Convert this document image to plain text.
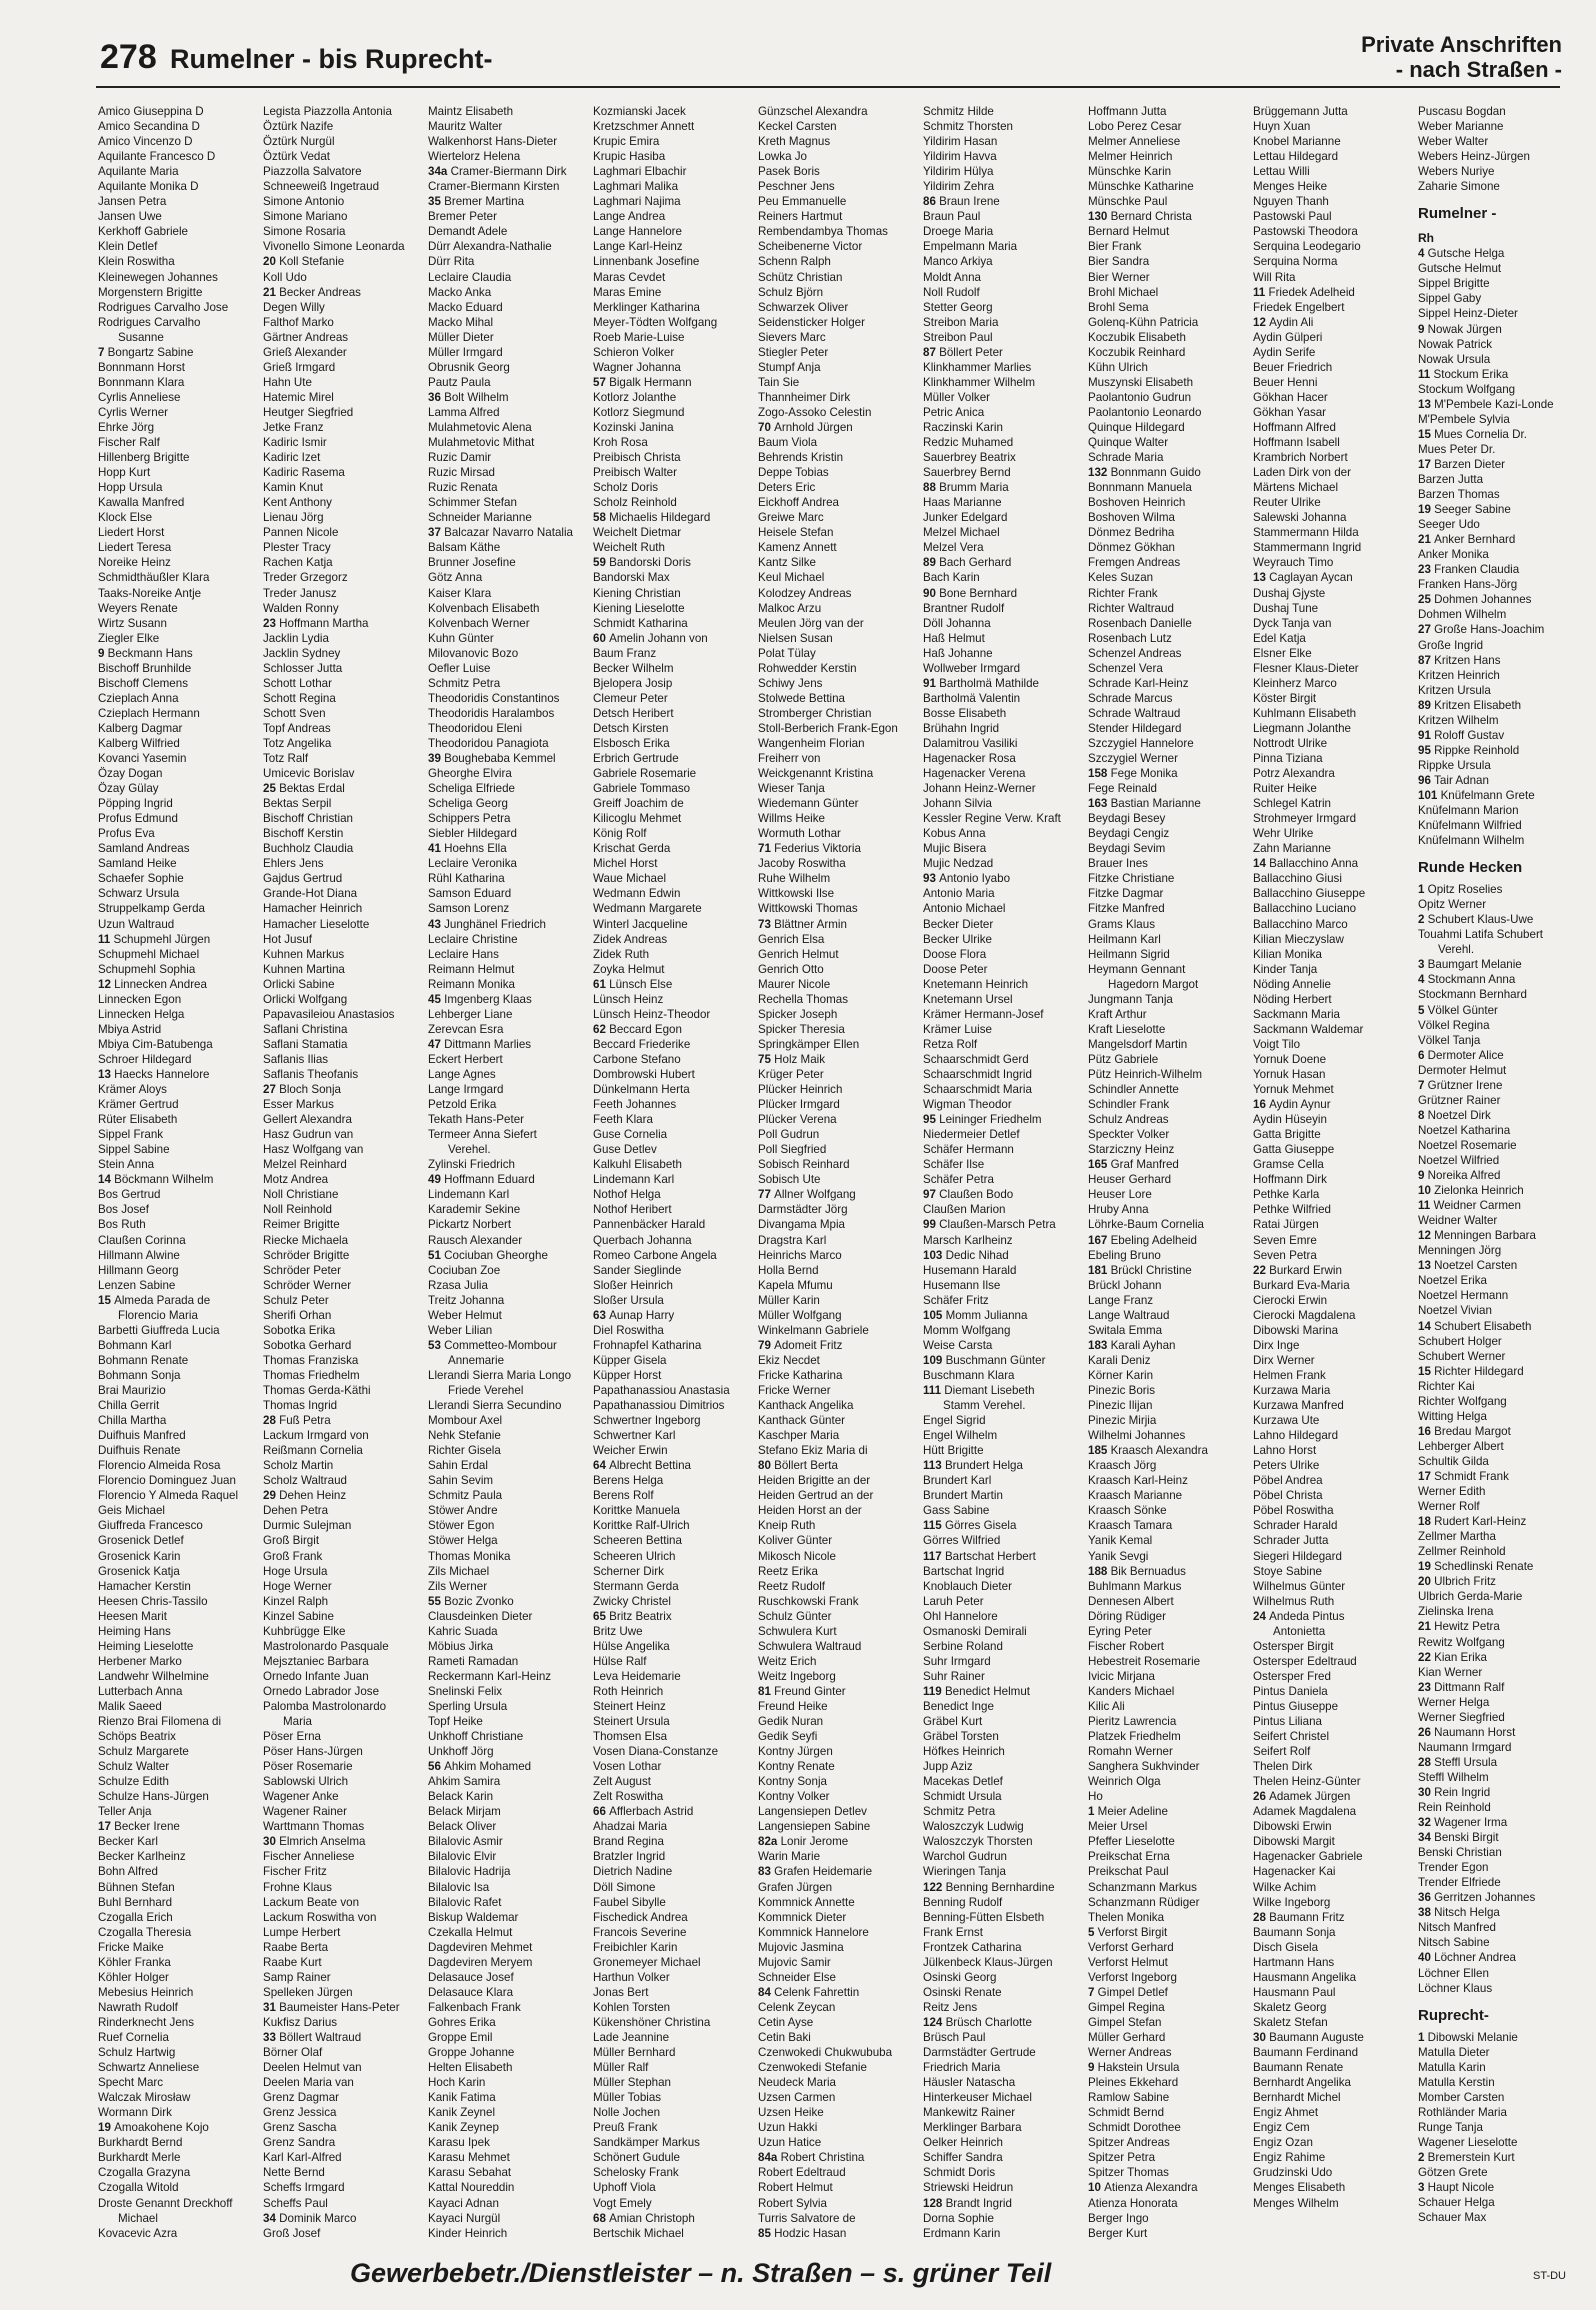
278 Rumelner - bis Ruprecht-	Private Anschriften
- nach Straßen -
Amico Giuseppina D
Amico Secandina D
Amico Vincenzo D
Aquilante Francesco D
Aquilante Maria
Aquilante Monika D
Jansen Petra
Jansen Uwe
Kerkhoff Gabriele
Klein Detlef
Klein Roswitha
Kleinewegen Johannes
Morgenstern Brigitte
Rodrigues Carvalho Jose
Rodrigues Carvalho
Susanne
7 Bongartz Sabine
Bonnmann Horst
Bonnmann Klara
Cyrlis Anneliese
Cyrlis Werner
Ehrke Jörg
Fischer Ralf
Hillenberg Brigitte
Hopp Kurt
Hopp Ursula
Kawalla Manfred
Klock Else
Liedert Horst
Liedert Teresa
Noreike Heinz
Schmidthäußler Klara
Taaks-Noreike Antje
Weyers Renate
Wirtz Susann
Ziegler Elke
9 Beckmann Hans
Bischoff Brunhilde
Bischoff Clemens
Czieplach Anna
Czieplach Hermann
Kalberg Dagmar
Kalberg Wilfried
Kovanci Yasemin
Özay Dogan
Özay Gülay
Pöpping Ingrid
Profus Edmund
Profus Eva
Samland Andreas
Samland Heike
Schaefer Sophie
Schwarz Ursula
Struppelkamp Gerda
Uzun Waltraud
11 Schupmehl Jürgen
Schupmehl Michael
Schupmehl Sophia
12 Linnecken Andrea
Linnecken Egon
Linnecken Helga
Mbiya Astrid
Mbiya Cim-Batubenga
Schroer Hildegard
13 Haecks Hannelore
Krämer Aloys
Krämer Gertrud
Rüter Elisabeth
Sippel Frank
Sippel Sabine
Stein Anna
14 Böckmann Wilhelm
Bos Gertrud
Bos Josef
Bos Ruth
Claußen Corinna
Hillmann Alwine
Hillmann Georg
Lenzen Sabine
15 Almeda Parada de
Florencio Maria
Barbetti Giuffreda Lucia
Bohmann Karl
Bohmann Renate
Bohmann Sonja
Brai Maurizio
Chilla Gerrit
Chilla Martha
Duifhuis Manfred
Duifhuis Renate
Florencio Almeida Rosa
Florencio Dominguez Juan
Florencio Y Almeda Raquel
Geis Michael
Giuffreda Francesco
Grosenick Detlef
Grosenick Karin
Grosenick Katja
Hamacher Kerstin
Heesen Chris-Tassilo
Heesen Marit
Heiming Hans
Heiming Lieselotte
Herbener Marko
Landwehr Wilhelmine
Lutterbach Anna
Malik Saeed
Rienzo Brai Filomena di
Schöps Beatrix
Schulz Margarete
Schulz Walter
Schulze Edith
Schulze Hans-Jürgen
Teller Anja
17 Becker Irene
Becker Karl
Becker Karlheinz
Bohn Alfred
Bühnen Stefan
Buhl Bernhard
Czogalla Erich
Czogalla Theresia
Fricke Maike
Köhler Franka
Köhler Holger
Mebesius Heinrich
Nawrath Rudolf
Rinderknecht Jens
Ruef Cornelia
Schulz Hartwig
Schwartz Anneliese
Specht Marc
Walczak Mirosław
Wormann Dirk
19 Amoakohene Kojo
Burkhardt Bernd
Burkhardt Merle
Czogalla Grazyna
Czogalla Witold
Droste Genannt Dreckhoff
Michael
Kovacevic Azra
Legista Piazzolla Antonia
Öztürk Nazife
Öztürk Nurgül
Öztürk Vedat
Piazzolla Salvatore
Schneeweiß Ingetraud
Simone Antonio
Simone Mariano
Simone Rosaria
Vivonello Simone Leonarda
20 Koll Stefanie
Koll Udo
21 Becker Andreas
Degen Willy
Falthof Marko
Gärtner Andreas
Grieß Alexander
Grieß Irmgard
Hahn Ute
Hatemic Mirel
Heutger Siegfried
Jetke Franz
Kadiric Ismir
Kadiric Izet
Kadiric Rasema
Kamin Knut
Kent Anthony
Lienau Jörg
Pannen Nicole
Plester Tracy
Rachen Katja
Treder Grzegorz
Treder Janusz
Walden Ronny
23 Hoffmann Martha
Jacklin Lydia
Jacklin Sydney
Schlosser Jutta
Schott Lothar
Schott Regina
Schott Sven
Topf Andreas
Totz Angelika
Totz Ralf
Umicevic Borislav
25 Bektas Erdal
Bektas Serpil
Bischoff Christian
Bischoff Kerstin
Buchholz Claudia
Ehlers Jens
Gajdus Gertrud
Grande-Hot Diana
Hamacher Heinrich
Hamacher Lieselotte
Hot Jusuf
Kuhnen Markus
Kuhnen Martina
Orlicki Sabine
Orlicki Wolfgang
Papavasileiou Anastasios
Saflani Christina
Saflani Stamatia
Saflanis Ilias
Saflanis Theofanis
27 Bloch Sonja
Esser Markus
Gellert Alexandra
Hasz Gudrun van
Hasz Wolfgang van
Melzel Reinhard
Motz Andrea
Noll Christiane
Noll Reinhold
Reimer Brigitte
Riecke Michaela
Schröder Brigitte
Schröder Peter
Schröder Werner
Schulz Peter
Sherifi Orhan
Sobotka Erika
Sobotka Gerhard
Thomas Franziska
Thomas Friedhelm
Thomas Gerda-Käthi
Thomas Ingrid
28 Fuß Petra
Lackum Irmgard von
Reißmann Cornelia
Scholz Martin
Scholz Waltraud
29 Dehen Heinz
Dehen Petra
Durmic Sulejman
Groß Birgit
Groß Frank
Hoge Ursula
Hoge Werner
Kinzel Ralph
Kinzel Sabine
Kuhbrügge Elke
Mastrolonardo Pasquale
Mejsztaniec Barbara
Ornedo Infante Juan
Ornedo Labrador Jose
Palomba Mastrolonardo
Maria
Pöser Erna
Pöser Hans-Jürgen
Pöser Rosemarie
Sablowski Ulrich
Wagener Anke
Wagener Rainer
Warttmann Thomas
30 Elmrich Anselma
Fischer Anneliese
Fischer Fritz
Frohne Klaus
Lackum Beate von
Lackum Roswitha von
Lumpe Herbert
Raabe Berta
Raabe Kurt
Samp Rainer
Spelleken Jürgen
31 Baumeister Hans-Peter
Kukfisz Darius
33 Böllert Waltraud
Börner Olaf
Deelen Helmut van
Deelen Maria van
Grenz Dagmar
Grenz Jessica
Grenz Sascha
Grenz Sandra
Karl Karl-Alfred
Nette Bernd
Scheffs Irmgard
Scheffs Paul
34 Dominik Marco
Groß Josef
Maintz Elisabeth
Mauritz Walter
Walkenhorst Hans-Dieter
Wiertelorz Helena
34a Cramer-Biermann Dirk
Cramer-Biermann Kirsten
35 Bremer Martina
Bremer Peter
Demandt Adele
Dürr Alexandra-Nathalie
Dürr Rita
Leclaire Claudia
Macko Anka
Macko Eduard
Macko Mihal
Müller Dieter
Müller Irmgard
Obrusnik Georg
Pautz Paula
36 Bolt Wilhelm
Lamma Alfred
Mulahmetovic Alena
Mulahmetovic Mithat
Ruzic Damir
Ruzic Mirsad
Ruzic Renata
Schimmer Stefan
Schneider Marianne
37 Balcazar Navarro Natalia
Balsam Käthe
Brunner Josefine
Götz Anna
Kaiser Klara
Kolvenbach Elisabeth
Kolvenbach Werner
Kuhn Günter
Milovanovic Bozo
Oefler Luise
Schmitz Petra
Theodoridis Constantinos
Theodoridis Haralambos
Theodoridou Eleni
Theodoridou Panagiota
39 Boughebaba Kemmel
Gheorghe Elvira
Scheliga Elfriede
Scheliga Georg
Schippers Petra
Siebler Hildegard
41 Hoehns Ella
Leclaire Veronika
Rühl Katharina
Samson Eduard
Samson Lorenz
43 Junghänel Friedrich
Leclaire Christine
Leclaire Hans
Reimann Helmut
Reimann Monika
45 Imgenberg Klaas
Lehberger Liane
Zerevcan Esra
47 Dittmann Marlies
Eckert Herbert
Lange Agnes
Lange Irmgard
Petzold Erika
Tekath Hans-Peter
Termeer Anna Siefert
Verehel.
Zylinski Friedrich
49 Hoffmann Eduard
Lindemann Karl
Karademir Sekine
Pickartz Norbert
Rausch Alexander
51 Cociuban Gheorghe
Cociuban Zoe
Rzasa Julia
Treitz Johanna
Weber Helmut
Weber Lilian
53 Commetteo-Mombour
Annemarie
Llerandi Sierra Maria Longo
Friede Verehel
Llerandi Sierra Secundino
Mombour Axel
Nehk Stefanie
Richter Gisela
Sahin Erdal
Sahin Sevim
Schmitz Paula
Stöwer Andre
Stöwer Egon
Stöwer Helga
Thomas Monika
Zils Michael
Zils Werner
55 Bozic Zvonko
Clausdeinken Dieter
Kahric Suada
Möbius Jirka
Rameti Ramadan
Reckermann Karl-Heinz
Snelinski Felix
Sperling Ursula
Topf Heike
Unkhoff Christiane
Unkhoff Jörg
56 Ahkim Mohamed
Ahkim Samira
Belack Karin
Belack Mirjam
Belack Oliver
Bilalovic Asmir
Bilalovic Elvir
Bilalovic Hadrija
Bilalovic Isa
Bilalovic Rafet
Biskup Waldemar
Czekalla Helmut
Dagdeviren Mehmet
Dagdeviren Meryem
Delasauce Josef
Delasauce Klara
Falkenbach Frank
Gohres Erika
Groppe Emil
Groppe Johanne
Helten Elisabeth
Hoch Karin
Kanik Fatima
Kanik Zeynel
Kanik Zeynep
Karasu Ipek
Karasu Mehmet
Karasu Sebahat
Kattal Noureddin
Kayaci Adnan
Kayaci Nurgül
Kinder Heinrich
Kozmianski Jacek
Kretzschmer Annett
Krupic Emira
Krupic Hasiba
Laghmari Elbachir
Laghmari Malika
Laghmari Najima
Lange Andrea
Lange Hannelore
Lange Karl-Heinz
Linnenbank Josefine
Maras Cevdet
Maras Emine
Merklinger Katharina
Meyer-Tödten Wolfgang
Roeb Marie-Luise
Schieron Volker
Wagner Johanna
57 Bigalk Hermann
Kotlorz Jolanthe
Kotlorz Siegmund
Kozinski Janina
Kroh Rosa
Preibisch Christa
Preibisch Walter
Scholz Doris
Scholz Reinhold
58 Michaelis Hildegard
Weichelt Dietmar
Weichelt Ruth
59 Bandorski Doris
Bandorski Max
Kiening Christian
Kiening Lieselotte
Schmidt Katharina
60 Amelin Johann von
Baum Franz
Becker Wilhelm
Bjelopera Josip
Clemeur Peter
Detsch Heribert
Detsch Kirsten
Elsbosch Erika
Erbrich Gertrude
Gabriele Rosemarie
Gabriele Tommaso
Greiff Joachim de
Kilicoglu Mehmet
König Rolf
Krischat Gerda
Michel Horst
Waue Michael
Wedmann Edwin
Wedmann Margarete
Winterl Jacqueline
Zidek Andreas
Zidek Ruth
Zoyka Helmut
61 Lünsch Else
Lünsch Heinz
Lünsch Heinz-Theodor
62 Beccard Egon
Beccard Friederike
Carbone Stefano
Dombrowski Hubert
Dünkelmann Herta
Feeth Johannes
Feeth Klara
Guse Cornelia
Guse Detlev
Kalkuhl Elisabeth
Lindemann Karl
Nothof Helga
Nothof Heribert
Pannenbäcker Harald
Querbach Johanna
Romeo Carbone Angela
Sander Sieglinde
Sloßer Heinrich
Sloßer Ursula
63 Aunap Harry
Diel Roswitha
Frohnapfel Katharina
Küpper Gisela
Küpper Horst
Papathanassiou Anastasia
Papathanassiou Dimitrios
Schwertner Ingeborg
Schwertner Karl
Weicher Erwin
64 Albrecht Bettina
Berens Helga
Berens Rolf
Korittke Manuela
Korittke Ralf-Ulrich
Scheeren Bettina
Scheeren Ulrich
Scherner Dirk
Stermann Gerda
Zwicky Christel
65 Britz Beatrix
Britz Uwe
Hülse Angelika
Hülse Ralf
Leva Heidemarie
Roth Heinrich
Steinert Heinz
Steinert Ursula
Thomsen Elsa
Vosen Diana-Constanze
Vosen Lothar
Zelt August
Zelt Roswitha
66 Afflerbach Astrid
Ahadzai Maria
Brand Regina
Bratzler Ingrid
Dietrich Nadine
Döll Simone
Faubel Sibylle
Fischedick Andrea
Francois Severine
Freibichler Karin
Gronemeyer Michael
Harthun Volker
Jonas Bert
Kohlen Torsten
Kükenshöner Christina
Lade Jeannine
Müller Bernhard
Müller Ralf
Müller Stephan
Müller Tobias
Nolle Jochen
Preuß Frank
Sandkämper Markus
Schönert Gudule
Schelosky Frank
Uphoff Viola
Vogt Emely
68 Amian Christoph
Bertschik Michael
Günzschel Alexandra
Keckel Carsten
Kreth Magnus
Lowka Jo
Pasek Boris
Peschner Jens
Peu Emmanuelle
Reiners Hartmut
Rembendambya Thomas
Scheibenerne Victor
Schenn Ralph
Schütz Christian
Schulz Björn
Schwarzek Oliver
Seidensticker Holger
Sievers Marc
Stiegler Peter
Stumpf Anja
Tain Sie
Thannheimer Dirk
Zogo-Assoko Celestin
70 Arnhold Jürgen
Baum Viola
Behrends Kristin
Deppe Tobias
Deters Eric
Eickhoff Andrea
Greiwe Marc
Heisele Stefan
Kamenz Annett
Kantz Silke
Keul Michael
Kolodzey Andreas
Malkoc Arzu
Meulen Jörg van der
Nielsen Susan
Polat Tülay
Rohwedder Kerstin
Schiwy Jens
Stolwede Bettina
Stromberger Christian
Stoll-Berberich Frank-Egon
Wangenheim Florian
Freiherr von
Weickgenannt Kristina
Wieser Tanja
Wiedemann Günter
Willms Heike
Wormuth Lothar
71 Federius Viktoria
Jacoby Roswitha
Ruhe Wilhelm
Wittkowski Ilse
Wittkowski Thomas
73 Blättner Armin
Genrich Elsa
Genrich Helmut
Genrich Otto
Maurer Nicole
Rechella Thomas
Spicker Joseph
Spicker Theresia
Springkämper Ellen
75 Holz Maik
Krüger Peter
Plücker Heinrich
Plücker Irmgard
Plücker Verena
Poll Gudrun
Poll Siegfried
Sobisch Reinhard
Sobisch Ute
77 Allner Wolfgang
Darmstädter Jörg
Divangama Mpia
Dragstra Karl
Heinrichs Marco
Holla Bernd
Kapela Mfumu
Müller Karin
Müller Wolfgang
Winkelmann Gabriele
79 Adomeit Fritz
Ekiz Necdet
Fricke Katharina
Fricke Werner
Kanthack Angelika
Kanthack Günter
Kaschper Maria
Stefano Ekiz Maria di
80 Böllert Berta
Heiden Brigitte an der
Heiden Gertrud an der
Heiden Horst an der
Kneip Ruth
Koliver Günter
Mikosch Nicole
Reetz Erika
Reetz Rudolf
Ruschkowski Frank
Schulz Günter
Schwulera Kurt
Schwulera Waltraud
Weitz Erich
Weitz Ingeborg
81 Freund Ginter
Freund Heike
Gedik Nuran
Gedik Seyfi
Kontny Jürgen
Kontny Renate
Kontny Sonja
Kontny Volker
Langensiepen Detlev
Langensiepen Sabine
82a Lonir Jerome
Warin Marie
83 Grafen Heidemarie
Grafen Jürgen
Kommnick Annette
Kommnick Dieter
Kommnick Hannelore
Mujovic Jasmina
Mujovic Samir
Schneider Else
84 Celenk Fahrettin
Celenk Zeycan
Cetin Ayse
Cetin Baki
Czenwokedi Chukwububa
Czenwokedi Stefanie
Neudeck Maria
Uzsen Carmen
Uzsen Heike
Uzun Hakki
Uzun Hatice
84a Robert Christina
Robert Edeltraud
Robert Helmut
Robert Sylvia
Turris Salvatore de
85 Hodzic Hasan
Schmitz Hilde
Schmitz Thorsten
Yildirim Hasan
Yildirim Havva
Yildirim Hülya
Yildirim Zehra
86 Braun Irene
Braun Paul
Droege Maria
Empelmann Maria
Manco Arkiya
Moldt Anna
Noll Rudolf
Stetter Georg
Streibon Maria
Streibon Paul
87 Böllert Peter
Klinkhammer Marlies
Klinkhammer Wilhelm
Müller Volker
Petric Anica
Raczinski Karin
Redzic Muhamed
Sauerbrey Beatrix
Sauerbrey Bernd
88 Brumm Maria
Haas Marianne
Junker Edelgard
Melzel Michael
Melzel Vera
89 Bach Gerhard
Bach Karin
90 Bone Bernhard
Brantner Rudolf
Döll Johanna
Haß Helmut
Haß Johanne
Wollweber Irmgard
91 Bartholmä Mathilde
Bartholmä Valentin
Bosse Elisabeth
Brühahn Ingrid
Dalamitrou Vasiliki
Hagenacker Rosa
Hagenacker Verena
Johann Heinz-Werner
Johann Silvia
Kessler Regine Verw. Kraft
Kobus Anna
Mujic Bisera
Mujic Nedzad
93 Antonio Iyabo
Antonio Maria
Antonio Michael
Becker Dieter
Becker Ulrike
Doose Flora
Doose Peter
Knetemann Heinrich
Knetemann Ursel
Krämer Hermann-Josef
Krämer Luise
Retza Rolf
Schaarschmidt Gerd
Schaarschmidt Ingrid
Schaarschmidt Maria
Wigman Theodor
95 Leininger Friedhelm
Niedermeier Detlef
Schäfer Hermann
Schäfer Ilse
Schäfer Petra
97 Claußen Bodo
Claußen Marion
99 Claußen-Marsch Petra
Marsch Karlheinz
103 Dedic Nihad
Husemann Harald
Husemann Ilse
Schäfer Fritz
105 Momm Julianna
Momm Wolfgang
Weise Carsta
109 Buschmann Günter
Buschmann Klara
111 Diemant Lisebeth
Stamm Verehel.
Engel Sigrid
Engel Wilhelm
Hütt Brigitte
113 Brundert Helga
Brundert Karl
Brundert Martin
Gass Sabine
115 Görres Gisela
Görres Wilfried
117 Bartschat Herbert
Bartschat Ingrid
Knoblauch Dieter
Laruh Peter
Ohl Hannelore
Osmanoski Demirali
Serbine Roland
Suhr Irmgard
Suhr Rainer
119 Benedict Helmut
Benedict Inge
Gräbel Kurt
Gräbel Torsten
Höfkes Heinrich
Jupp Aziz
Macekas Detlef
Schmidt Ursula
Schmitz Petra
Waloszczyk Ludwig
Waloszczyk Thorsten
Warchol Gudrun
Wieringen Tanja
122 Benning Bernhardine
Benning Rudolf
Benning-Fütten Elsbeth
Frank Ernst
Frontzek Catharina
Jülkenbeck Klaus-Jürgen
Osinski Georg
Osinski Renate
Reitz Jens
124 Brüsch Charlotte
Brüsch Paul
Darmstädter Gertrude
Friedrich Maria
Häusler Natascha
Hinterkeuser Michael
Mankewitz Rainer
Merklinger Barbara
Oelker Heinrich
Schiffer Sandra
Schmidt Doris
Striewski Heidrun
128 Brandt Ingrid
Dorna Sophie
Erdmann Karin
Hoffmann Jutta
Lobo Perez Cesar
Melmer Anneliese
Melmer Heinrich
Münschke Karin
Münschke Katharine
Münschke Paul
130 Bernard Christa
Bernard Helmut
Bier Frank
Bier Sandra
Bier Werner
Brohl Michael
Brohl Sema
Golenq-Kühn Patricia
Koczubik Elisabeth
Koczubik Reinhard
Kühn Ulrich
Muszynski Elisabeth
Paolantonio Gudrun
Paolantonio Leonardo
Quinque Hildegard
Quinque Walter
Schrade Maria
132 Bonnmann Guido
Bonnmann Manuela
Boshoven Heinrich
Boshoven Wilma
Dönmez Bedriha
Dönmez Gökhan
Fremgen Andreas
Keles Suzan
Richter Frank
Richter Waltraud
Rosenbach Danielle
Rosenbach Lutz
Schenzel Andreas
Schenzel Vera
Schrade Karl-Heinz
Schrade Marcus
Schrade Waltraud
Stender Hildegard
Szczygiel Hannelore
Szczygiel Werner
158 Fege Monika
Fege Reinald
163 Bastian Marianne
Beydagi Besey
Beydagi Cengiz
Beydagi Sevim
Brauer Ines
Fitzke Christiane
Fitzke Dagmar
Fitzke Manfred
Grams Klaus
Heilmann Karl
Heilmann Sigrid
Heymann Gennant
Hagedorn Margot
Jungmann Tanja
Kraft Arthur
Kraft Lieselotte
Mangelsdorf Martin
Pütz Gabriele
Pütz Heinrich-Wilhelm
Schindler Annette
Schindler Frank
Schulz Andreas
Speckter Volker
Starziczny Heinz
165 Graf Manfred
Heuser Gerhard
Heuser Lore
Hruby Anna
Löhrke-Baum Cornelia
167 Ebeling Adelheid
Ebeling Bruno
181 Brückl Christine
Brückl Johann
Lange Franz
Lange Waltraud
Switala Emma
183 Karali Ayhan
Karali Deniz
Körner Karin
Pinezic Boris
Pinezic Ilijan
Pinezic Mirjia
Wilhelmi Johannes
185 Kraasch Alexandra
Kraasch Jörg
Kraasch Karl-Heinz
Kraasch Marianne
Kraasch Sönke
Kraasch Tamara
Yanik Kemal
Yanik Sevgi
188 Bik Bernuadus
Buhlmann Markus
Dennesen Albert
Döring Rüdiger
Eyring Peter
Fischer Robert
Hebestreit Rosemarie
Ivicic Mirjana
Kanders Michael
Kilic Ali
Pieritz Lawrencia
Platzek Friedhelm
Romahn Werner
Sanghera Sukhvinder
Weinrich Olga
Ho
1 Meier Adeline
Meier Ursel
Pfeffer Lieselotte
Preikschat Erna
Preikschat Paul
Schanzmann Markus
Schanzmann Rüdiger
Thelen Monika
5 Verforst Birgit
Verforst Gerhard
Verforst Helmut
Verforst Ingeborg
7 Gimpel Detlef
Gimpel Regina
Gimpel Stefan
Müller Gerhard
Werner Andreas
9 Hakstein Ursula
Pleines Ekkehard
Ramlow Sabine
Schmidt Bernd
Schmidt Dorothee
Spitzer Andreas
Spitzer Petra
Spitzer Thomas
10 Atienza Alexandra
Atienza Honorata
Berger Ingo
Berger Kurt
Brüggemann Jutta
Huyn Xuan
Knobel Marianne
Lettau Hildegard
Lettau Willi
Menges Heike
Nguyen Thanh
Pastowski Paul
Pastowski Theodora
Serquina Leodegario
Serquina Norma
Will Rita
11 Friedek Adelheid
Friedek Engelbert
12 Aydin Ali
Aydin Gülperi
Aydin Serife
Beuer Friedrich
Beuer Henni
Gökhan Hacer
Gökhan Yasar
Hoffmann Alfred
Hoffmann Isabell
Krambrich Norbert
Laden Dirk von der
Märtens Michael
Reuter Ulrike
Salewski Johanna
Stammermann Hilda
Stammermann Ingrid
Weyrauch Timo
13 Caglayan Aycan
Dushaj Gjyste
Dushaj Tune
Dyck Tanja van
Edel Katja
Elsner Elke
Flesner Klaus-Dieter
Kleinherz Marco
Köster Birgit
Kuhlmann Elisabeth
Liegmann Jolanthe
Nottrodt Ulrike
Pinna Tiziana
Potrz Alexandra
Ruiter Heike
Schlegel Katrin
Strohmeyer Irmgard
Wehr Ulrike
Zahn Marianne
14 Ballacchino Anna
Ballacchino Giusi
Ballacchino Giuseppe
Ballacchino Luciano
Ballacchino Marco
Kilian Mieczyslaw
Kilian Monika
Kinder Tanja
Nöding Annelie
Nöding Herbert
Sackmann Maria
Sackmann Waldemar
Voigt Tilo
Yornuk Doene
Yornuk Hasan
Yornuk Mehmet
16 Aydin Aynur
Aydin Hüseyin
Gatta Brigitte
Gatta Giuseppe
Gramse Cella
Hoffmann Dirk
Pethke Karla
Pethke Wilfried
Ratai Jürgen
Seven Emre
Seven Petra
22 Burkard Erwin
Burkard Eva-Maria
Cierocki Erwin
Cierocki Magdalena
Dibowski Marina
Dirx Inge
Dirx Werner
Helmen Frank
Kurzawa Maria
Kurzawa Manfred
Kurzawa Ute
Lahno Hildegard
Lahno Horst
Peters Ulrike
Pöbel Andrea
Pöbel Christa
Pöbel Roswitha
Schrader Harald
Schrader Jutta
Siegeri Hildegard
Stoye Sabine
Wilhelmus Günter
Wilhelmus Ruth
24 Andeda Pintus
Antonietta
Ostersper Birgit
Ostersper Edeltraud
Ostersper Fred
Pintus Daniela
Pintus Giuseppe
Pintus Liliana
Seifert Christel
Seifert Rolf
Thelen Dirk
Thelen Heinz-Günter
26 Adamek Jürgen
Adamek Magdalena
Dibowski Erwin
Dibowski Margit
Hagenacker Gabriele
Hagenacker Kai
Wilke Achim
Wilke Ingeborg
28 Baumann Fritz
Baumann Sonja
Disch Gisela
Hartmann Hans
Hausmann Angelika
Hausmann Paul
Skaletz Georg
Skaletz Stefan
30 Baumann Auguste
Baumann Ferdinand
Baumann Renate
Bernhardt Angelika
Bernhardt Michel
Engiz Ahmet
Engiz Cem
Engiz Ozan
Engiz Rahime
Grudzinski Udo
Menges Elisabeth
Menges Wilhelm
Puscasu Bogdan
Weber Marianne
Weber Walter
Webers Heinz-Jürgen
Webers Nuriye
Zaharie Simone
Rumelner -
Rh
4 Gutsche Helga
Gutsche Helmut
Sippel Brigitte
Sippel Gaby
Sippel Heinz-Dieter
9 Nowak Jürgen
Nowak Patrick
Nowak Ursula
11 Stockum Erika
Stockum Wolfgang
13 M'Pembele Kazi-Londe
M'Pembele Sylvia
15 Mues Cornelia Dr.
Mues Peter Dr.
17 Barzen Dieter
Barzen Jutta
Barzen Thomas
19 Seeger Sabine
Seeger Udo
21 Anker Bernhard
Anker Monika
23 Franken Claudia
Franken Hans-Jörg
25 Dohmen Johannes
Dohmen Wilhelm
27 Große Hans-Joachim
Große Ingrid
87 Kritzen Hans
Kritzen Heinrich
Kritzen Ursula
89 Kritzen Elisabeth
Kritzen Wilhelm
91 Roloff Gustav
95 Rippke Reinhold
Rippke Ursula
96 Tair Adnan
101 Knüfelmann Grete
Knüfelmann Marion
Knüfelmann Wilfried
Knüfelmann Wilhelm
Runde Hecken
1 Opitz Roselies
Opitz Werner
2 Schubert Klaus-Uwe
Touahmi Latifa Schubert
Verehl.
3 Baumgart Melanie
4 Stockmann Anna
Stockmann Bernhard
5 Völkel Günter
Völkel Regina
Völkel Tanja
6 Dermoter Alice
Dermoter Helmut
7 Grützner Irene
Grützner Rainer
8 Noetzel Dirk
Noetzel Katharina
Noetzel Rosemarie
Noetzel Wilfried
9 Noreika Alfred
10 Zielonka Heinrich
11 Weidner Carmen
Weidner Walter
12 Menningen Barbara
Menningen Jörg
13 Noetzel Carsten
Noetzel Erika
Noetzel Hermann
Noetzel Vivian
14 Schubert Elisabeth
Schubert Holger
Schubert Werner
15 Richter Hildegard
Richter Kai
Richter Wolfgang
Witting Helga
16 Bredau Margot
Lehberger Albert
Schultik Gilda
17 Schmidt Frank
Werner Edith
Werner Rolf
18 Rudert Karl-Heinz
Zellmer Martha
Zellmer Reinhold
19 Schedlinski Renate
20 Ulbrich Fritz
Ulbrich Gerda-Marie
Zielinska Irena
21 Hewitz Petra
Rewitz Wolfgang
22 Kian Erika
Kian Werner
23 Dittmann Ralf
Werner Helga
Werner Siegfried
26 Naumann Horst
Naumann Irmgard
28 Steffl Ursula
Steffl Wilhelm
30 Rein Ingrid
Rein Reinhold
32 Wagener Irma
34 Benski Birgit
Benski Christian
Trender Egon
Trender Elfriede
36 Gerritzen Johannes
38 Nitsch Helga
Nitsch Manfred
Nitsch Sabine
40 Löchner Andrea
Löchner Ellen
Löchner Klaus
Ruprecht-
1 Dibowski Melanie
Matulla Dieter
Matulla Karin
Matulla Kerstin
Momber Carsten
Rothländer Maria
Runge Tanja
Wagener Lieselotte
2 Bremerstein Kurt
Götzen Grete
3 Haupt Nicole
Schauer Helga
Schauer Max
Gewerbebetr./Dienstleister – n. Straßen – s. grüner Teil	ST-DU
